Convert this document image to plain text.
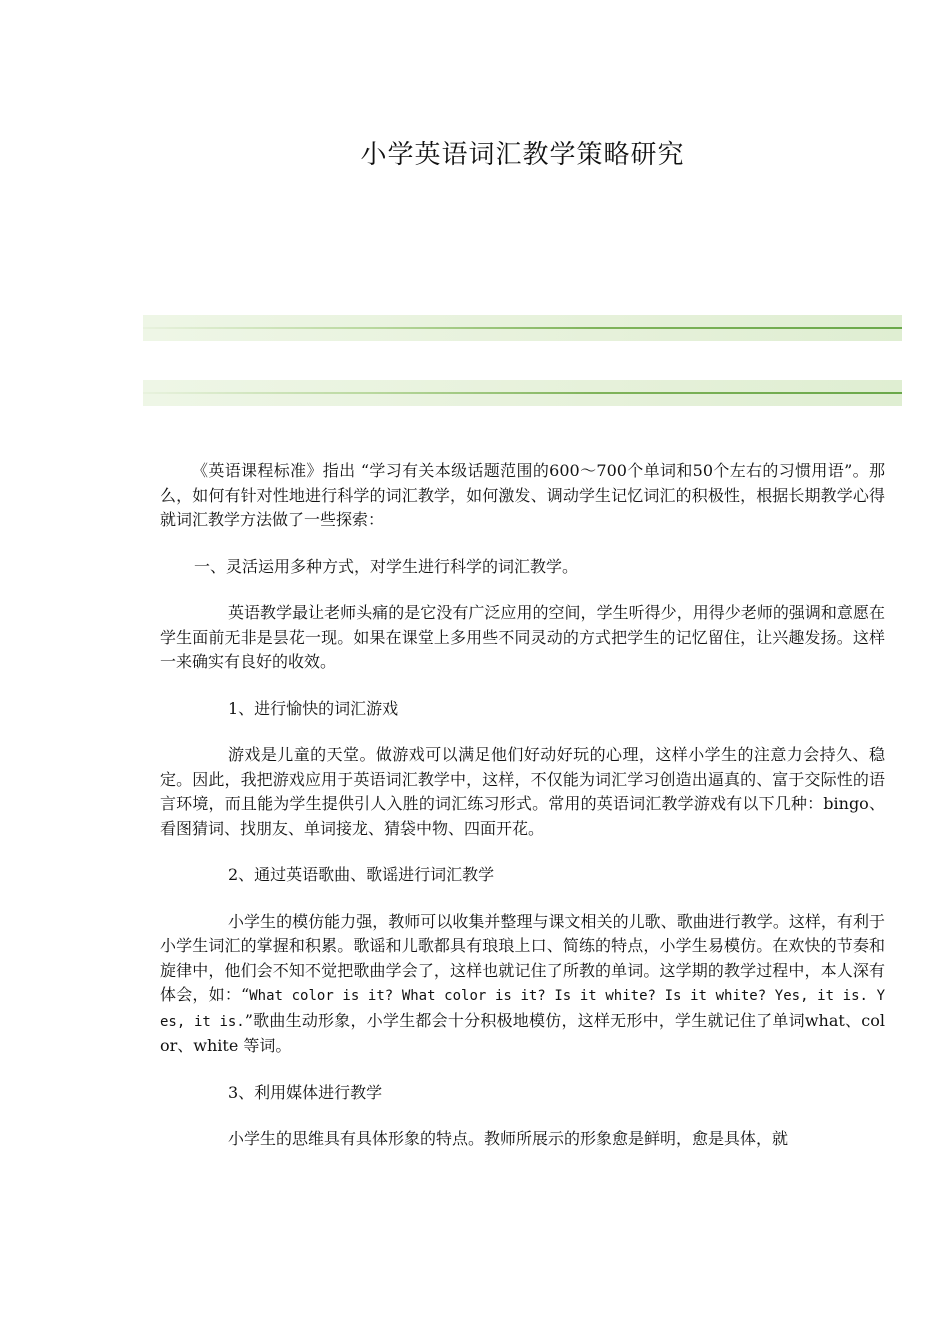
小学英语词汇教学策略研究

《英语课程标准》指出 “学习有关本级话题范围的600～700个单词和50个左右的习惯用语”。那么，如何有针对性地进行科学的词汇教学，如何激发、调动学生记忆词汇的积极性，根据长期教学心得就词汇教学方法做了一些探索：

一、灵活运用多种方式，对学生进行科学的词汇教学。

英语教学最让老师头痛的是它没有广泛应用的空间，学生听得少，用得少老师的强调和意愿在学生面前无非是昙花一现。如果在课堂上多用些不同灵动的方式把学生的记忆留住，让兴趣发扬。这样一来确实有良好的收效。

1、进行愉快的词汇游戏

游戏是儿童的天堂。做游戏可以满足他们好动好玩的心理，这样小学生的注意力会持久、稳定。因此，我把游戏应用于英语词汇教学中，这样，不仅能为词汇学习创造出逼真的、富于交际性的语言环境，而且能为学生提供引人入胜的词汇练习形式。常用的英语词汇教学游戏有以下几种：bingo、看图猜词、找朋友、单词接龙、猜袋中物、四面开花。

2、通过英语歌曲、歌谣进行词汇教学

小学生的模仿能力强，教师可以收集并整理与课文相关的儿歌、歌曲进行教学。这样，有利于小学生词汇的掌握和积累。歌谣和儿歌都具有琅琅上口、简练的特点，小学生易模仿。在欢快的节奏和旋律中，他们会不知不觉把歌曲学会了，这样也就记住了所教的单词。这学期的教学过程中，本人深有体会，如：“What color is it? What color is it? Is it white? Is it white? Yes, it is. Yes, it is.”歌曲生动形象，小学生都会十分积极地模仿，这样无形中，学生就记住了单词what、color、white 等词。

3、利用媒体进行教学

小学生的思维具有具体形象的特点。教师所展示的形象愈是鲜明，愈是具体，就
